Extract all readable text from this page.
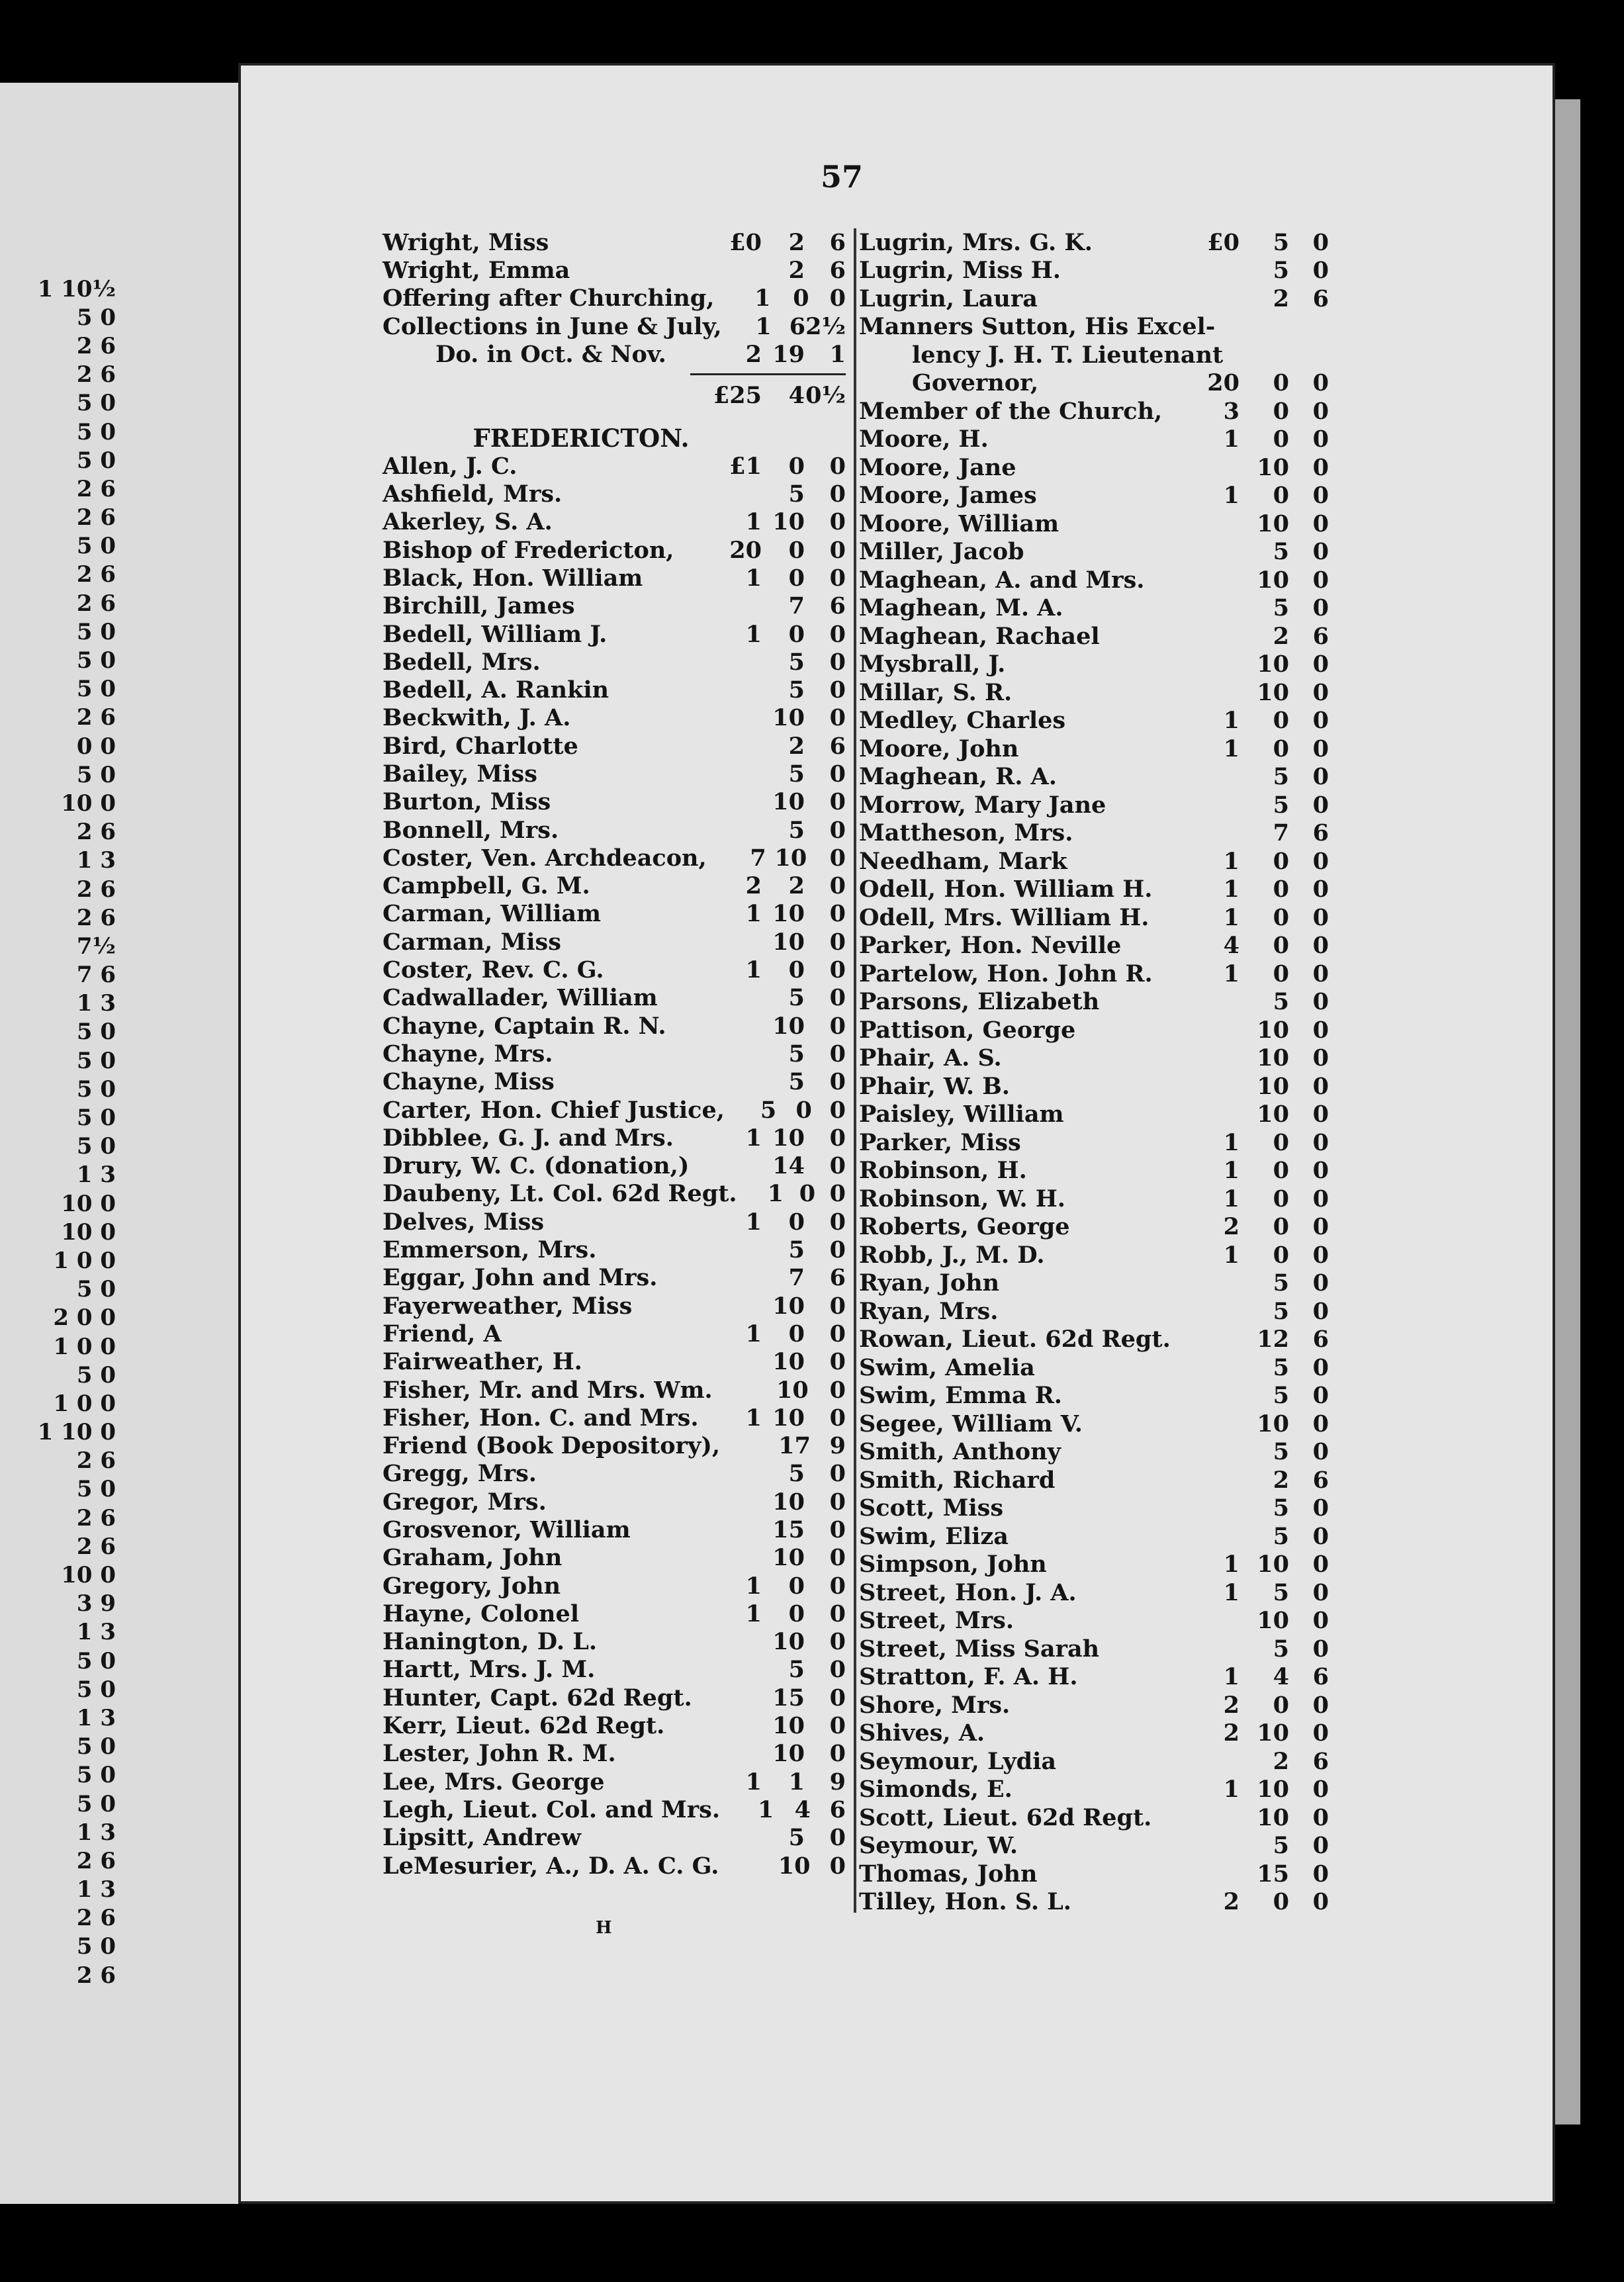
1 10½
5 0
2 6
2 6
5 0
5 0
5 0
2 6
2 6
5 0
2 6
2 6
5 0
5 0
5 0
2 6
0 0
5 0
10 0
2 6
1 3
2 6
2 6
7½
7 6
1 3
5 0
5 0
5 0
5 0
5 0
1 3
10 0
10 0
1 0 0
5 0
2 0 0
1 0 0
5 0
1 0 0
1 10 0
2 6
5 0
2 6
2 6
10 0
3 9
1 3
5 0
5 0
1 3
5 0
5 0
5 0
1 3
2 6
1 3
2 6
5 0
2 6
57
Wright, Miss	£0	2	6
Wright, Emma	2	6
Offering after Churching,	1 0 0
Collections in June & July,	1 6 2½
Do. in Oct. & Nov.	2 19	1
£25	4 0½
FREDERICTON.
Allen, J. C.	£1	0	0
Ashfield, Mrs.	5	0
Akerley, S. A.	1 10	0
Bishop of Fredericton,	20	0	0
Black, Hon. William	1	0	0
Birchill, James	7	6
Bedell, William J.	1	0	0
Bedell, Mrs.	5	0
Bedell, A. Rankin	5	0
Beckwith, J. A.	10	0
Bird, Charlotte	2	6
Bailey, Miss	5	0
Burton, Miss	10	0
Bonnell, Mrs.	5	0
Coster, Ven. Archdeacon,	7 10 0
Campbell, G. M.	2	2	0
Carman, William	1 10	0
Carman, Miss	10	0
Coster, Rev. C. G.	1	0	0
Cadwallader, William	5	0
Chayne, Captain R. N.	10	0
Chayne, Mrs.	5	0
Chayne, Miss	5	0
Carter, Hon. Chief Justice,	5 0 0
Dibblee, G. J. and Mrs.	1 10	0
Drury, W. C. (donation,)	14	0
Daubeny, Lt. Col. 62d Regt.	1 0 0
Delves, Miss	1	0	0
Emmerson, Mrs.	5	0
Eggar, John and Mrs.	7	6
Fayerweather, Miss	10	0
Friend, A	1	0	0
Fairweather, H.	10	0
Fisher, Mr. and Mrs. Wm.	10 0
Fisher, Hon. C. and Mrs.	1 10	0
Friend (Book Depository),	17 9
Gregg, Mrs.	5	0
Gregor, Mrs.	10	0
Grosvenor, William	15	0
Graham, John	10	0
Gregory, John	1	0	0
Hayne, Colonel	1	0	0
Hanington, D. L.	10	0
Hartt, Mrs. J. M.	5	0
Hunter, Capt. 62d Regt.	15	0
Kerr, Lieut. 62d Regt.	10	0
Lester, John R. M.	10	0
Lee, Mrs. George	1	1	9
Legh, Lieut. Col. and Mrs.	1 4 6
Lipsitt, Andrew	5	0
LeMesurier, A., D. A. C. G.	10 0
Lugrin, Mrs. G. K.	£0	5	0
Lugrin, Miss H.	5	0
Lugrin, Laura	2	6
Manners Sutton, His Excel-
lency J. H. T. Lieutenant
Governor,	20	0	0
Member of the Church,	3	0	0
Moore, H.	1	0	0
Moore, Jane	10	0
Moore, James	1	0	0
Moore, William	10	0
Miller, Jacob	5	0
Maghean, A. and Mrs.	10	0
Maghean, M. A.	5	0
Maghean, Rachael	2	6
Mysbrall, J.	10	0
Millar, S. R.	10	0
Medley, Charles	1	0	0
Moore, John	1	0	0
Maghean, R. A.	5	0
Morrow, Mary Jane	5	0
Mattheson, Mrs.	7	6
Needham, Mark	1	0	0
Odell, Hon. William H.	1	0	0
Odell, Mrs. William H.	1	0	0
Parker, Hon. Neville	4	0	0
Partelow, Hon. John R.	1	0	0
Parsons, Elizabeth	5	0
Pattison, George	10	0
Phair, A. S.	10	0
Phair, W. B.	10	0
Paisley, William	10	0
Parker, Miss	1	0	0
Robinson, H.	1	0	0
Robinson, W. H.	1	0	0
Roberts, George	2	0	0
Robb, J., M. D.	1	0	0
Ryan, John	5	0
Ryan, Mrs.	5	0
Rowan, Lieut. 62d Regt.	12	6
Swim, Amelia	5	0
Swim, Emma R.	5	0
Segee, William V.	10	0
Smith, Anthony	5	0
Smith, Richard	2	6
Scott, Miss	5	0
Swim, Eliza	5	0
Simpson, John	1 10	0
Street, Hon. J. A.	1	5	0
Street, Mrs.	10	0
Street, Miss Sarah	5	0
Stratton, F. A. H.	1	4	6
Shore, Mrs.	2	0	0
Shives, A.	2 10	0
Seymour, Lydia	2	6
Simonds, E.	1 10	0
Scott, Lieut. 62d Regt.	10	0
Seymour, W.	5	0
Thomas, John	15	0
Tilley, Hon. S. L.	2	0	0
H
